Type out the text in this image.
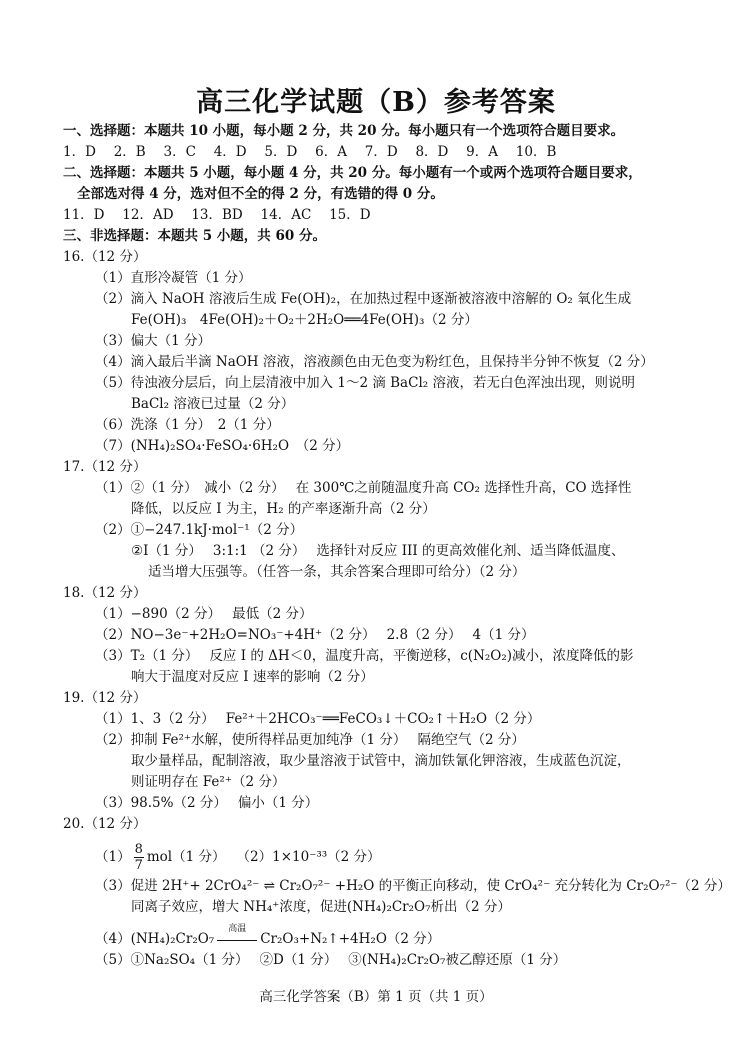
高三化学试题（B）参考答案
一、选择题：本题共 10 小题，每小题 2 分，共 20 分。每小题只有一个选项符合题目要求。
1．D　 2．B　 3．C　 4．D　 5．D　 6．A　 7．D　 8．D　 9．A　 10．B
二、选择题：本题共 5 小题，每小题 4 分，共 20 分。每小题有一个或两个选项符合题目要求，
全部选对得 4 分，选对但不全的得 2 分，有选错的得 0 分。
11．D　 12．AD　 13．BD　 14．AC　 15．D
三、非选择题：本题共 5 小题，共 60 分。
16.（12 分）
（1）直形冷凝管（1 分）
（2）滴入 NaOH 溶液后生成 Fe(OH)₂，在加热过程中逐渐被溶液中溶解的 O₂ 氧化生成
Fe(OH)₃　4Fe(OH)₂＋O₂＋2H₂O══4Fe(OH)₃（2 分）
（3）偏大（1 分）
（4）滴入最后半滴 NaOH 溶液，溶液颜色由无色变为粉红色，且保持半分钟不恢复（2 分）
（5）待浊液分层后，向上层清液中加入 1～2 滴 BaCl₂ 溶液，若无白色浑浊出现，则说明
BaCl₂ 溶液已过量（2 分）
（6）洗涤（1 分）　2（1 分）
（7）(NH₄)₂SO₄·FeSO₄·6H₂O　（2 分）
17.（12 分）
（1）②（1 分）　减小（2 分）　 在 300℃之前随温度升高 CO₂ 选择性升高，CO 选择性
降低，以反应 I 为主，H₂ 的产率逐渐升高（2 分）
（2）①−247.1kJ·mol⁻¹（2 分）
②I（1 分）　 3:1:1 （2 分）　 选择针对反应 III 的更高效催化剂、适当降低温度、
适当增大压强等。（任答一条，其余答案合理即可给分）（2 分）
18.（12 分）
（1）−890（2 分）　 最低（2 分）
（2）NO−3e⁻+2H₂O=NO₃⁻+4H⁺（2 分）　 2.8（2 分）　 4（1 分）
（3）T₂（1 分）　 反应 I 的 ΔH＜0，温度升高，平衡逆移，c(N₂O₂)减小，浓度降低的影
响大于温度对反应 I 速率的影响（2 分）
19.（12 分）
（1）1、3（2 分）　 Fe²⁺＋2HCO₃⁻══FeCO₃↓＋CO₂↑＋H₂O（2 分）
（2）抑制 Fe²⁺水解，使所得样品更加纯净（1 分）　 隔绝空气（2 分）
取少量样品，配制溶液，取少量溶液于试管中，滴加铁氰化钾溶液，生成蓝色沉淀，
则证明存在 Fe²⁺（2 分）
（3）98.5%（2 分）　 偏小（1 分）
20.（12 分）
$(1) \frac{8}{7} mol(1$ 分）　 （2）1×10⁻³³（2 分）
（3）促进 2H⁺+ 2CrO₄²⁻ ⇌ Cr₂O₇²⁻ +H₂O 的平衡正向移动，使 CrO₄²⁻ 充分转化为 Cr₂O₇²⁻（2 分）
同离子效应，增大 NH₄⁺浓度，促进(NH₄)₂Cr₂O₇析出（2 分）
（4）(NH₄)₂Cr₂O₇
高温
Cr₂O₃+N₂↑+4H₂O（2 分）
（5）①Na₂SO₄（1 分）　 ②D（1 分）　 ③(NH₄)₂Cr₂O₇被乙醇还原（1 分）
高三化学答案（B）第 1 页（共 1 页）
